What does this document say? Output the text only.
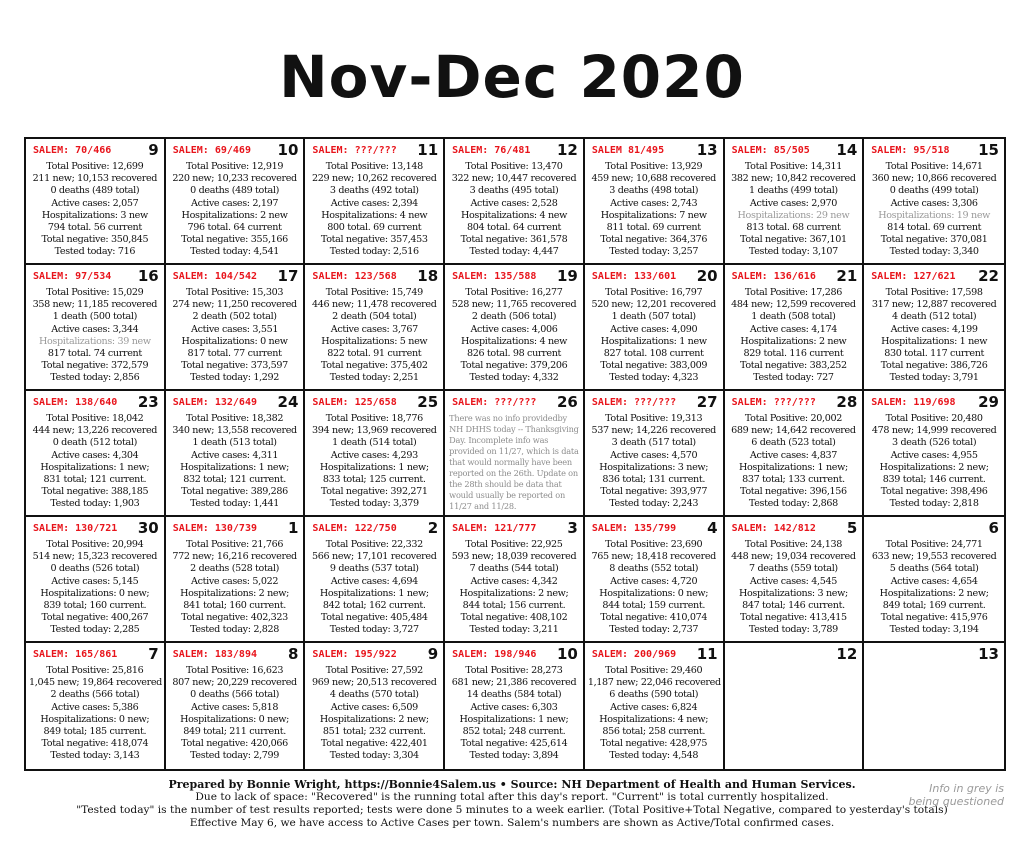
Nov-Dec 2020
SALEM: 70/466 9
Total Positive: 12,699
211 new; 10,153 recovered
0 deaths (489 total)
Active cases: 2,057
Hospitalizations: 3 new
794 total. 56 current
Total negative: 350,845
Tested today: 716
SALEM: 69/469 10
Total Positive: 12,919
220 new; 10,233 recovered
0 deaths (489 total)
Active cases: 2,197
Hospitalizations: 2 new
796 total. 64 current
Total negative: 355,166
Tested today: 4,541
SALEM: ???/??? 11
Total Positive: 13,148
229 new; 10,262 recovered
3 deaths (492 total)
Active cases: 2,394
Hospitalizations: 4 new
800 total. 69 current
Total negative: 357,453
Tested today: 2,516
SALEM: 76/481 12
Total Positive: 13,470
322 new; 10,447 recovered
3 deaths (495 total)
Active cases: 2,528
Hospitalizations: 4 new
804 total. 64 current
Total negative: 361,578
Tested today: 4,447
SALEM 81/495 13
Total Positive: 13,929
459 new; 10,688 recovered
3 deaths (498 total)
Active cases: 2,743
Hospitalizations: 7 new
811 total. 69 current
Total negative: 364,376
Tested today: 3,257
SALEM: 85/505 14
Total Positive: 14,311
382 new; 10,842 recovered
1 deaths (499 total)
Active cases: 2,970
Hospitalizations: 29 new
813 total. 68 current
Total negative: 367,101
Tested today: 3,107
SALEM: 95/518 15
Total Positive: 14,671
360 new; 10,866 recovered
0 deaths (499 total)
Active cases: 3,306
Hospitalizations: 19 new
814 total. 69 current
Total negative: 370,081
Tested today: 3,340
SALEM: 97/534 16
Total Positive: 15,029
358 new; 11,185 recovered
1 death (500 total)
Active cases: 3,344
Hospitalizations: 39 new
817 total. 74 current
Total negative: 372,579
Tested today: 2,856
SALEM: 104/542 17
Total Positive: 15,303
274 new; 11,250 recovered
2 death (502 total)
Active cases: 3,551
Hospitalizations: 0 new
817 total. 77 current
Total negative: 373,597
Tested today: 1,292
SALEM: 123/568 18
Total Positive: 15,749
446 new; 11,478 recovered
2 death (504 total)
Active cases: 3,767
Hospitalizations: 5 new
822 total. 91 current
Total negative: 375,402
Tested today: 2,251
SALEM: 135/588 19
Total Positive: 16,277
528 new; 11,765 recovered
2 death (506 total)
Active cases: 4,006
Hospitalizations: 4 new
826 total. 98 current
Total negative: 379,206
Tested today: 4,332
SALEM: 133/601 20
Total Positive: 16,797
520 new; 12,201 recovered
1 death (507 total)
Active cases: 4,090
Hospitalizations: 1 new
827 total. 108 current
Total negative: 383,009
Tested today: 4,323
SALEM: 136/616 21
Total Positive: 17,286
484 new; 12,599 recovered
1 death (508 total)
Active cases: 4,174
Hospitalizations: 2 new
829 total. 116 current
Total negative: 383,252
Tested today: 727
SALEM: 127/621 22
Total Positive: 17,598
317 new; 12,887 recovered
4 death (512 total)
Active cases: 4,199
Hospitalizations: 1 new
830 total. 117 current
Total negative: 386,726
Tested today: 3,791
SALEM: 138/640 23
Total Positive: 18,042
444 new; 13,226 recovered
0 death (512 total)
Active cases: 4,304
Hospitalizations: 1 new;
831 total; 121 current.
Total negative: 388,185
Tested today: 1,903
SALEM: 132/649 24
Total Positive: 18,382
340 new; 13,558 recovered
1 death (513 total)
Active cases: 4,311
Hospitalizations: 1 new;
832 total; 121 current.
Total negative: 389,286
Tested today: 1,441
SALEM: 125/658 25
Total Positive: 18,776
394 new; 13,969 recovered
1 death (514 total)
Active cases: 4,293
Hospitalizations: 1 new;
833 total; 125 current.
Total negative: 392,271
Tested today: 3,379
SALEM: ???/??? 26
There was no info providedby NH DHHS today -- Thanksgiving Day. Incomplete info was provided on 11/27, which is data that would normally have been reported on the 26th. Update on the 28th should be data that would usually be reported on 11/27 and 11/28.
SALEM: ???/??? 27
Total Positive: 19,313
537 new; 14,226 recovered
3 death (517 total)
Active cases: 4,570
Hospitalizations: 3 new;
836 total; 131 current.
Total negative: 393,977
Tested today: 2,243
SALEM: ???/??? 28
Total Positive: 20,002
689 new; 14,642 recovered
6 death (523 total)
Active cases: 4,837
Hospitalizations: 1 new;
837 total; 133 current.
Total negative: 396,156
Tested today: 2,868
SALEM: 119/698 29
Total Positive: 20,480
478 new; 14,999 recovered
3 death (526 total)
Active cases: 4,955
Hospitalizations: 2 new;
839 total; 146 current.
Total negative: 398,496
Tested today: 2,818
SALEM: 130/721 30
Total Positive: 20,994
514 new; 15,323 recovered
0 deaths (526 total)
Active cases: 5,145
Hospitalizations: 0 new;
839 total; 160 current.
Total negative: 400,267
Tested today: 2,285
SALEM: 130/739 1
Total Positive: 21,766
772 new; 16,216 recovered
2 deaths (528 total)
Active cases: 5,022
Hospitalizations: 2 new;
841 total; 160 current.
Total negative: 402,323
Tested today: 2,828
SALEM: 122/750 2
Total Positive: 22,332
566 new; 17,101 recovered
9 deaths (537 total)
Active cases: 4,694
Hospitalizations: 1 new;
842 total; 162 current.
Total negative: 405,484
Tested today: 3,727
SALEM: 121/777 3
Total Positive: 22,925
593 new; 18,039 recovered
7 deaths (544 total)
Active cases: 4,342
Hospitalizations: 2 new;
844 total; 156 current.
Total negative: 408,102
Tested today: 3,211
SALEM: 135/799 4
Total Positive: 23,690
765 new; 18,418 recovered
8 deaths (552 total)
Active cases: 4,720
Hospitalizations: 0 new;
844 total; 159 current.
Total negative: 410,074
Tested today: 2,737
SALEM: 142/812 5
Total Positive: 24,138
448 new; 19,034 recovered
7 deaths (559 total)
Active cases: 4,545
Hospitalizations: 3 new;
847 total; 146 current.
Total negative: 413,415
Tested today: 3,789
6
Total Positive: 24,771
633 new; 19,553 recovered
5 deaths (564 total)
Active cases: 4,654
Hospitalizations: 2 new;
849 total; 169 current.
Total negative: 415,976
Tested today: 3,194
SALEM: 165/861 7
Total Positive: 25,816
1,045 new; 19,864 recovered
2 deaths (566 total)
Active cases: 5,386
Hospitalizations: 0 new;
849 total; 185 current.
Total negative: 418,074
Tested today: 3,143
SALEM: 183/894 8
Total Positive: 16,623
807 new; 20,229 recovered
0 deaths (566 total)
Active cases: 5,818
Hospitalizations: 0 new;
849 total; 211 current.
Total negative: 420,066
Tested today: 2,799
SALEM: 195/922 9
Total Positive: 27,592
969 new; 20,513 recovered
4 deaths (570 total)
Active cases: 6,509
Hospitalizations: 2 new;
851 total; 232 current.
Total negative: 422,401
Tested today: 3,304
SALEM: 198/946 10
Total Positive: 28,273
681 new; 21,386 recovered
14 deaths (584 total)
Active cases: 6,303
Hospitalizations: 1 new;
852 total; 248 current.
Total negative: 425,614
Tested today: 3,894
SALEM: 200/969 11
Total Positive: 29,460
1,187 new; 22,046 recovered
6 deaths (590 total)
Active cases: 6,824
Hospitalizations: 4 new;
856 total; 258 current.
Total negative: 428,975
Tested today: 4,548
12	13
Prepared by Bonnie Wright, https://Bonnie4Salem.us • Source: NH Department of Health and Human Services.
Due to lack of space: "Recovered" is the running total after this day's report. "Current" is total currently hospitalized.
"Tested today" is the number of test results reported; tests were done 5 minutes to a week earlier. (Total Positive+Total Negative, compared to yesterday's totals)
Effective May 6, we have access to Active Cases per town. Salem's numbers are shown as Active/Total confirmed cases.
Info in grey is
being questioned
